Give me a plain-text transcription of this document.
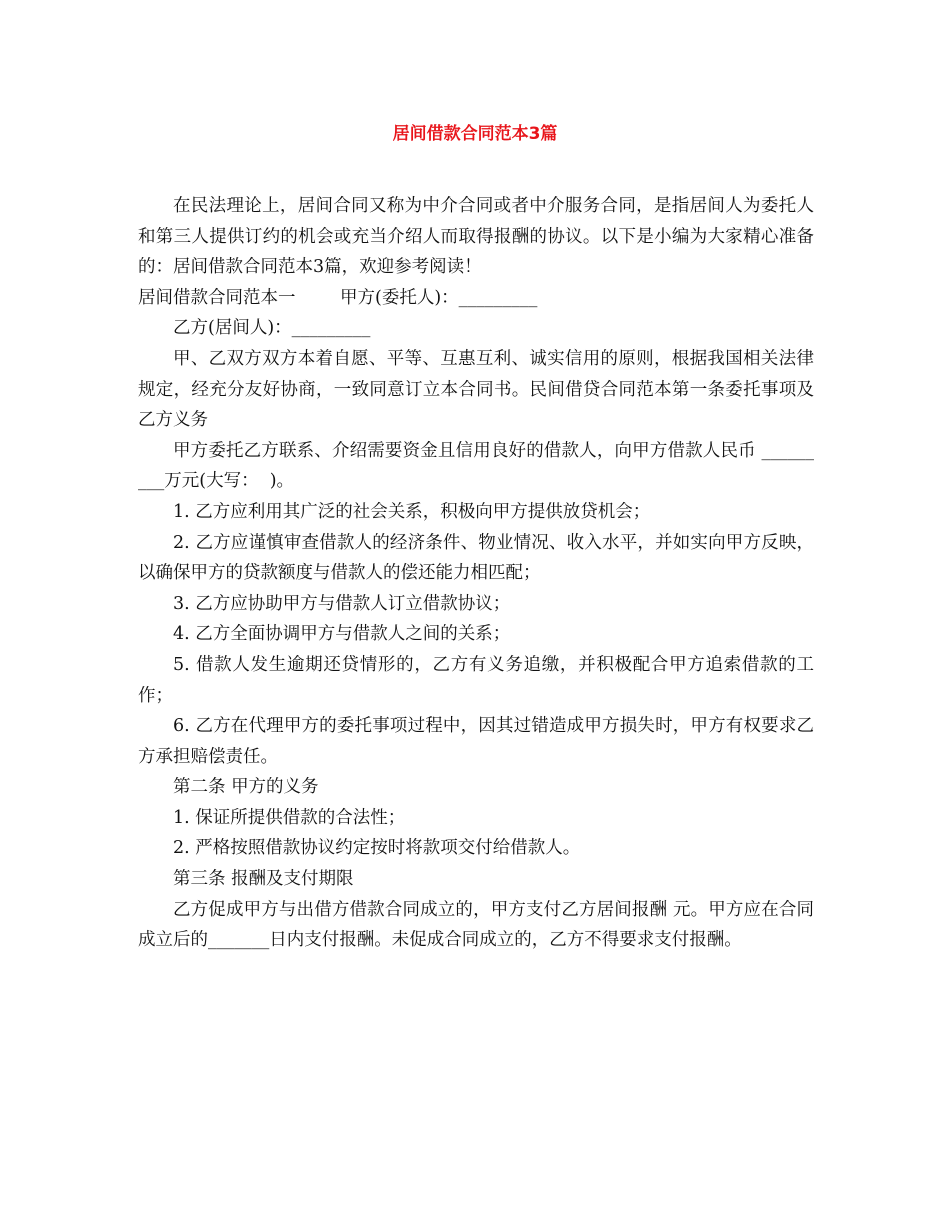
居间借款合同范本3篇

在民法理论上，居间合同又称为中介合同或者中介服务合同，是指居间人为委托人和第三人提供订约的机会或充当介绍人而取得报酬的协议。以下是小编为大家精心准备的：居间借款合同范本3篇，欢迎参考阅读！

居间借款合同范本一        甲方(委托人)：_________

乙方(居间人)：_________

甲、乙双方双方本着自愿、平等、互惠互利、诚实信用的原则，根据我国相关法律规定，经充分友好协商，一致同意订立本合同书。民间借贷合同范本第一条委托事项及乙方义务

甲方委托乙方联系、介绍需要资金且信用良好的借款人，向甲方借款人民币 _________万元(大写：  )。

1. 乙方应利用其广泛的社会关系，积极向甲方提供放贷机会；

2. 乙方应谨慎审查借款人的经济条件、物业情况、收入水平，并如实向甲方反映，以确保甲方的贷款额度与借款人的偿还能力相匹配；

3. 乙方应协助甲方与借款人订立借款协议；

4. 乙方全面协调甲方与借款人之间的关系；

5. 借款人发生逾期还贷情形的，乙方有义务追缴，并积极配合甲方追索借款的工作；

6. 乙方在代理甲方的委托事项过程中，因其过错造成甲方损失时，甲方有权要求乙方承担赔偿责任。

第二条 甲方的义务

1. 保证所提供借款的合法性；

2. 严格按照借款协议约定按时将款项交付给借款人。

第三条 报酬及支付期限

乙方促成甲方与出借方借款合同成立的，甲方支付乙方居间报酬 元。甲方应在合同成立后的_______日内支付报酬。未促成合同成立的，乙方不得要求支付报酬。
